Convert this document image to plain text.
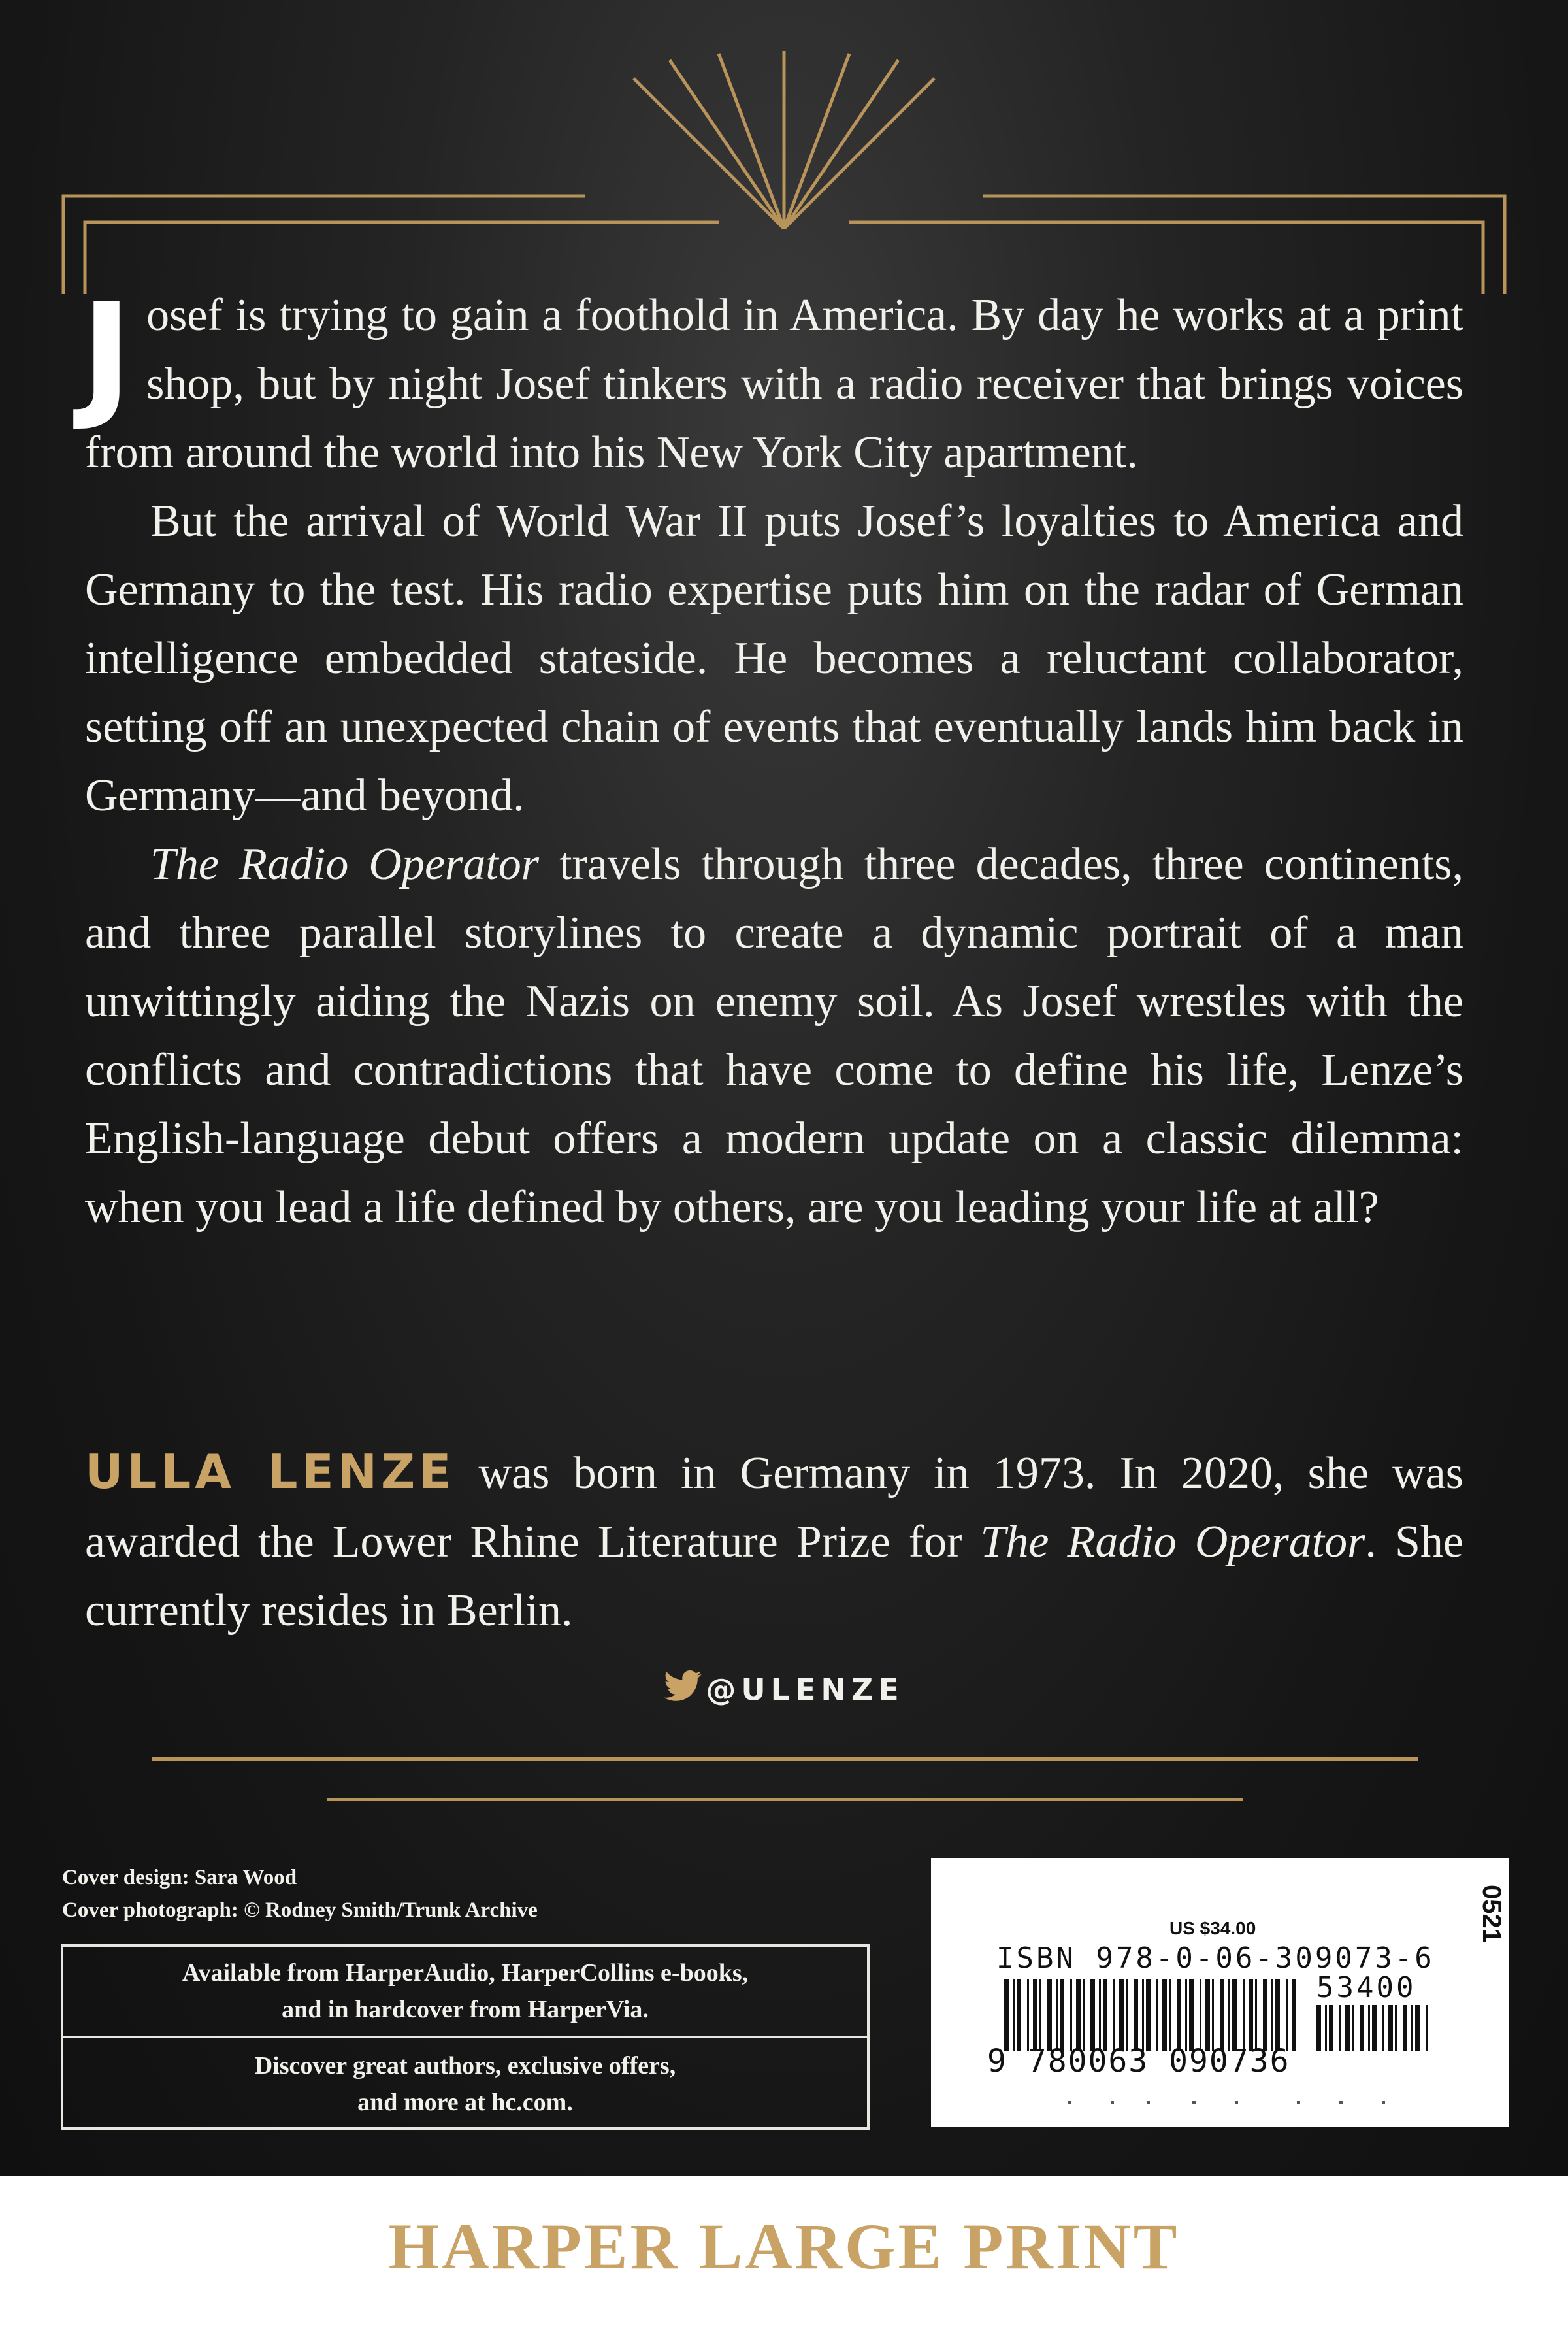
Josef is trying to gain a foothold in America. By day he works at a print shop, but by night Josef tinkers with a radio receiver that brings voices from around the world into his New York City apartment.

But the arrival of World War II puts Josef’s loyalties to America and Germany to the test. His radio expertise puts him on the radar of German intelligence embedded stateside. He becomes a reluctant collaborator, setting off an unexpected chain of events that eventually lands him back in Germany—and beyond.

The Radio Operator travels through three decades, three continents, and three parallel storylines to create a dynamic portrait of a man unwittingly aiding the Nazis on enemy soil. As Josef wrestles with the conflicts and contradictions that have come to define his life, Lenze’s English-language debut offers a modern update on a classic dilemma: when you lead a life defined by others, are you leading your life at all?

ULLA LENZE was born in Germany in 1973. In 2020, she was awarded the Lower Rhine Literature Prize for The Radio Operator. She currently resides in Berlin.

@ULENZE
Cover design: Sara Wood
Cover photograph: © Rodney Smith/Trunk Archive
Available from HarperAudio, HarperCollins e-books,
and in hardcover from HarperVia.
Discover great authors, exclusive offers,
and more at hc.com.
US $34.00
ISBN 978-0-06-309073-6
53400
9 780063 090736
0521
HARPER LARGE PRINT
